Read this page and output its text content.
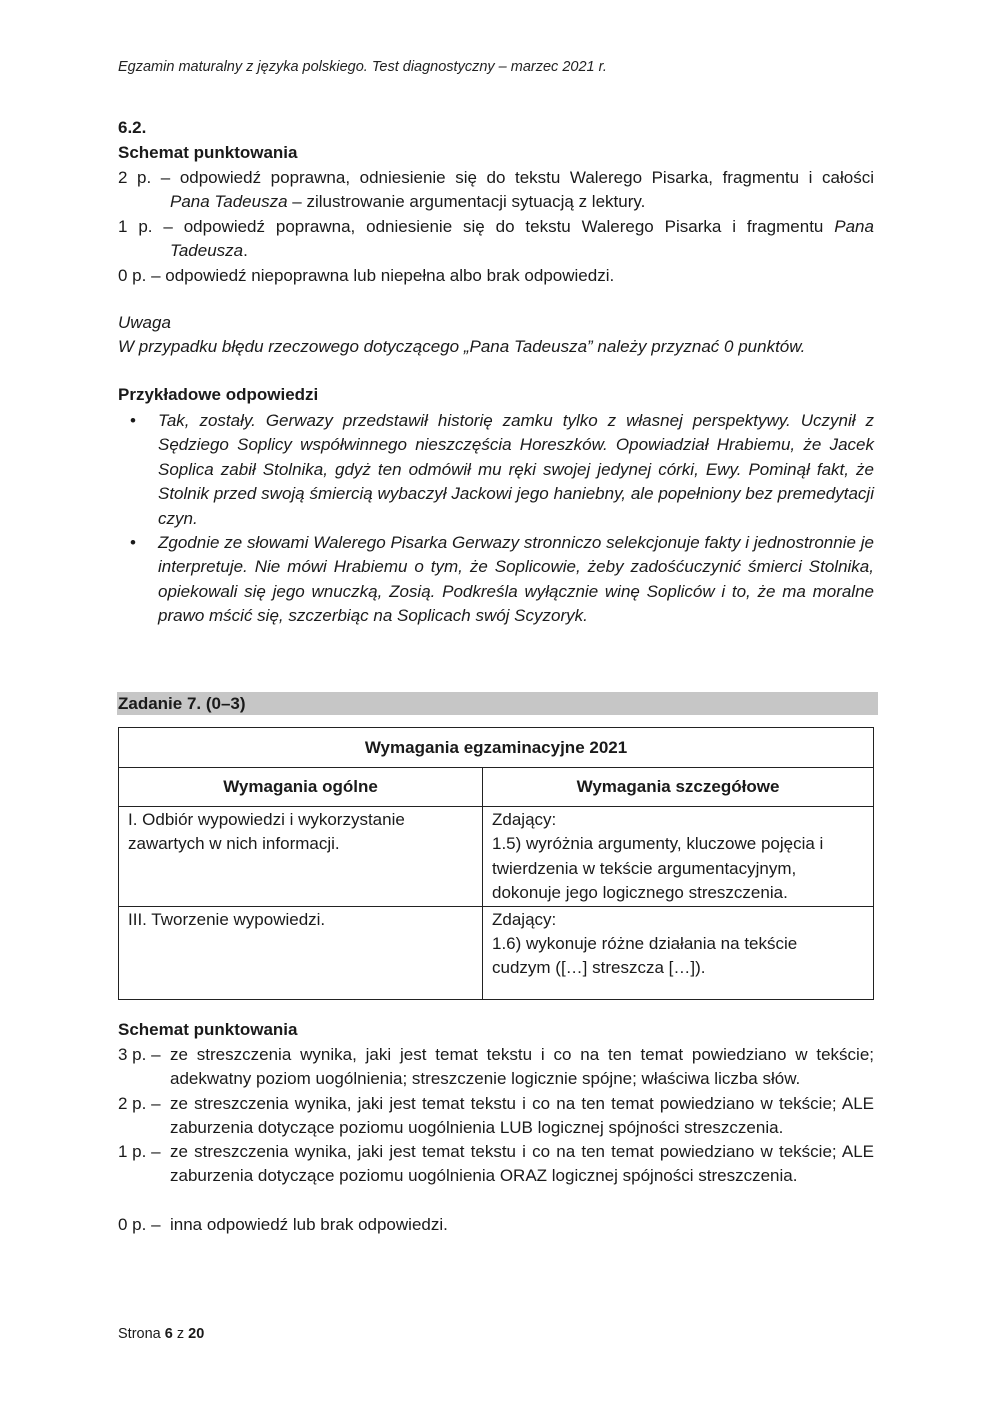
Egzamin maturalny z języka polskiego. Test diagnostyczny – marzec 2021 r.
6.2.
Schemat punktowania
2 p. – odpowiedź poprawna, odniesienie się do tekstu Walerego Pisarka, fragmentu i całości
Pana Tadeusza – zilustrowanie argumentacji sytuacją z lektury.
1 p. – odpowiedź poprawna, odniesienie się do tekstu Walerego Pisarka i fragmentu Pana
Tadeusza.
0 p. – odpowiedź niepoprawna lub niepełna albo brak odpowiedzi.
Uwaga
W przypadku błędu rzeczowego dotyczącego „Pana Tadeusza” należy przyznać 0 punktów.
Przykładowe odpowiedzi
• Tak, zostały. Gerwazy przedstawił historię zamku tylko z własnej perspektywy. Uczynił z Sędziego Soplicy współwinnego nieszczęścia Horeszków. Opowiadział Hrabiemu, że Jacek Soplica zabił Stolnika, gdyż ten odmówił mu ręki swojej jedynej córki, Ewy. Pominął fakt, że Stolnik przed swoją śmiercią wybaczył Jackowi jego haniebny, ale popełniony bez premedytacji czyn.
• Zgodnie ze słowami Walerego Pisarka Gerwazy stronniczo selekcjonuje fakty i jednostronnie je interpretuje. Nie mówi Hrabiemu o tym, że Soplicowie, żeby zadośćuczynić śmierci Stolnika, opiekowali się jego wnuczką, Zosią. Podkreśla wyłącznie winę Sopliców i to, że ma moralne prawo mścić się, szczerbiąc na Soplicach swój Scyzoryk.
Zadanie 7. (0–3)
Wymagania egzaminacyjne 2021	
Wymagania ogólne	Wymagania szczegółowe
I. Odbiór wypowiedzi i wykorzystanie zawartych w nich informacji.	Zdający:
1.5) wyróżnia argumenty, kluczowe pojęcia i twierdzenia w tekście argumentacyjnym, dokonuje jego logicznego streszczenia.

III. Tworzenie wypowiedzi.	Zdający:
1.6) wykonuje różne działania na tekście cudzym ([…] streszcza […]).
Schemat punktowania
3 p. – ze streszczenia wynika, jaki jest temat tekstu i co na ten temat powiedziano w tekście; adekwatny poziom uogólnienia; streszczenie logicznie spójne; właściwa liczba słów.
2 p. – ze streszczenia wynika, jaki jest temat tekstu i co na ten temat powiedziano w tekście; ALE zaburzenia dotyczące poziomu uogólnienia LUB logicznej spójności streszczenia.
1 p. – ze streszczenia wynika, jaki jest temat tekstu i co na ten temat powiedziano w tekście; ALE zaburzenia dotyczące poziomu uogólnienia ORAZ logicznej spójności streszczenia.
0 p. – inna odpowiedź lub brak odpowiedzi.
Strona 6 z 20
